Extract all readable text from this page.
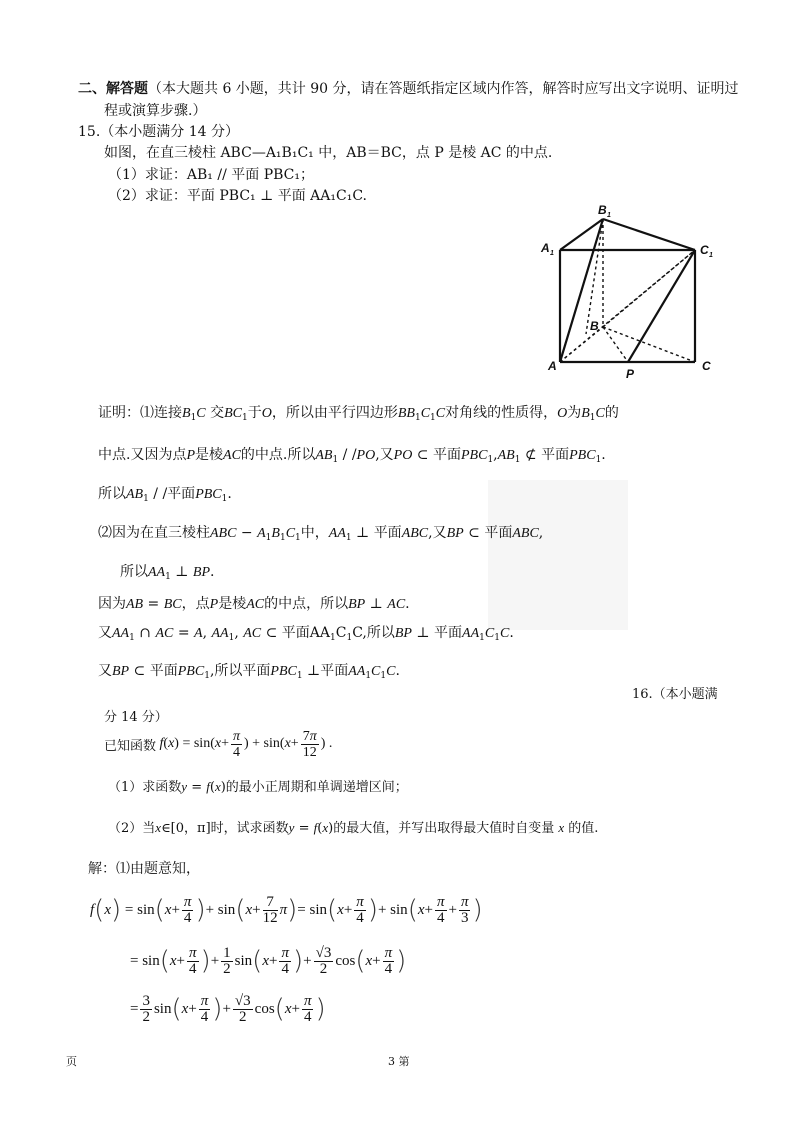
二、解答题（本大题共 6 小题，共计 90 分，请在答题纸指定区域内作答，解答时应写出文字说明、证明过
程或演算步骤.）
15.（本小题满分 14 分）
如图，在直三棱柱 ABC—A₁B₁C₁ 中，AB＝BC，点 P 是棱 AC 的中点.
（1）求证：AB₁ // 平面 PBC₁；
（2）求证：平面 PBC₁ ⊥ 平面 AA₁C₁C.
A 1
B 1
C 1
B
A	C
P
证明：⑴连接$B_1C$ 交$BC_1$于O，所以由平行四边形$BB_1C_1C$对角线的性质得，O为$B_1C$的
中点.又因为点P是棱AC的中点.所以$AB_1 / /PO$,又PO ⊂ 平面$PBC_1,AB_1$ ⊄ 平面$PBC_1$.
所以$AB_1$ / /平面$PBC_1$.
⑵因为在直三棱柱ABC − $A_1B_1C_1$中，$AA_1$ ⊥ 平面ABC,又BP ⊂ 平面ABC,
所以$AA_1$ ⊥ BP.
因为AB = BC，点P是棱AC的中点，所以BP ⊥ AC.
又$AA_1$ ∩ AC = A, $AA_1$, AC ⊂ 平面$AA_1C_1C$,所以BP ⊥ 平面$AA_1C_1C$.
又BP ⊂ 平面$PBC_1$,所以平面$PBC_1$ ⊥平面$AA_1C_1C$.
16.（本小题满
分 14 分）
已知函数 f ( x ) = sin( $x + \frac{\pi}{4}$ ) + sin( $x + \frac{7\pi}{12}$ ) .
（1）求函数y = f(x)的最小正周期和单调递增区间；
（2）当x∈[0，π]时，试求函数y = f(x)的最大值，并写出取得最大值时自变量 x 的值.
解：⑴由题意知，
f ( x ) = sin ( $x + \frac{\pi}{4}$ ) + sin ( $x + \frac{7}{12}$ π ) = sin ( $x + \frac{\pi}{4}$ ) + sin ( $x + \frac{\pi}{4} + \frac{\pi}{3}$ )
= sin ( $x + \frac{\pi}{4}$ ) + $\frac{1}{2}$ sin ( $x + \frac{\pi}{4}$ ) + $\frac{√3}{2}$ cos ( $x + \frac{\pi}{4}$ )
= $\frac{3}{2}$ sin ( $x + \frac{\pi}{4}$ ) + $\frac{√3}{2}$ cos ( $x + \frac{\pi}{4}$ )
页	3 第
